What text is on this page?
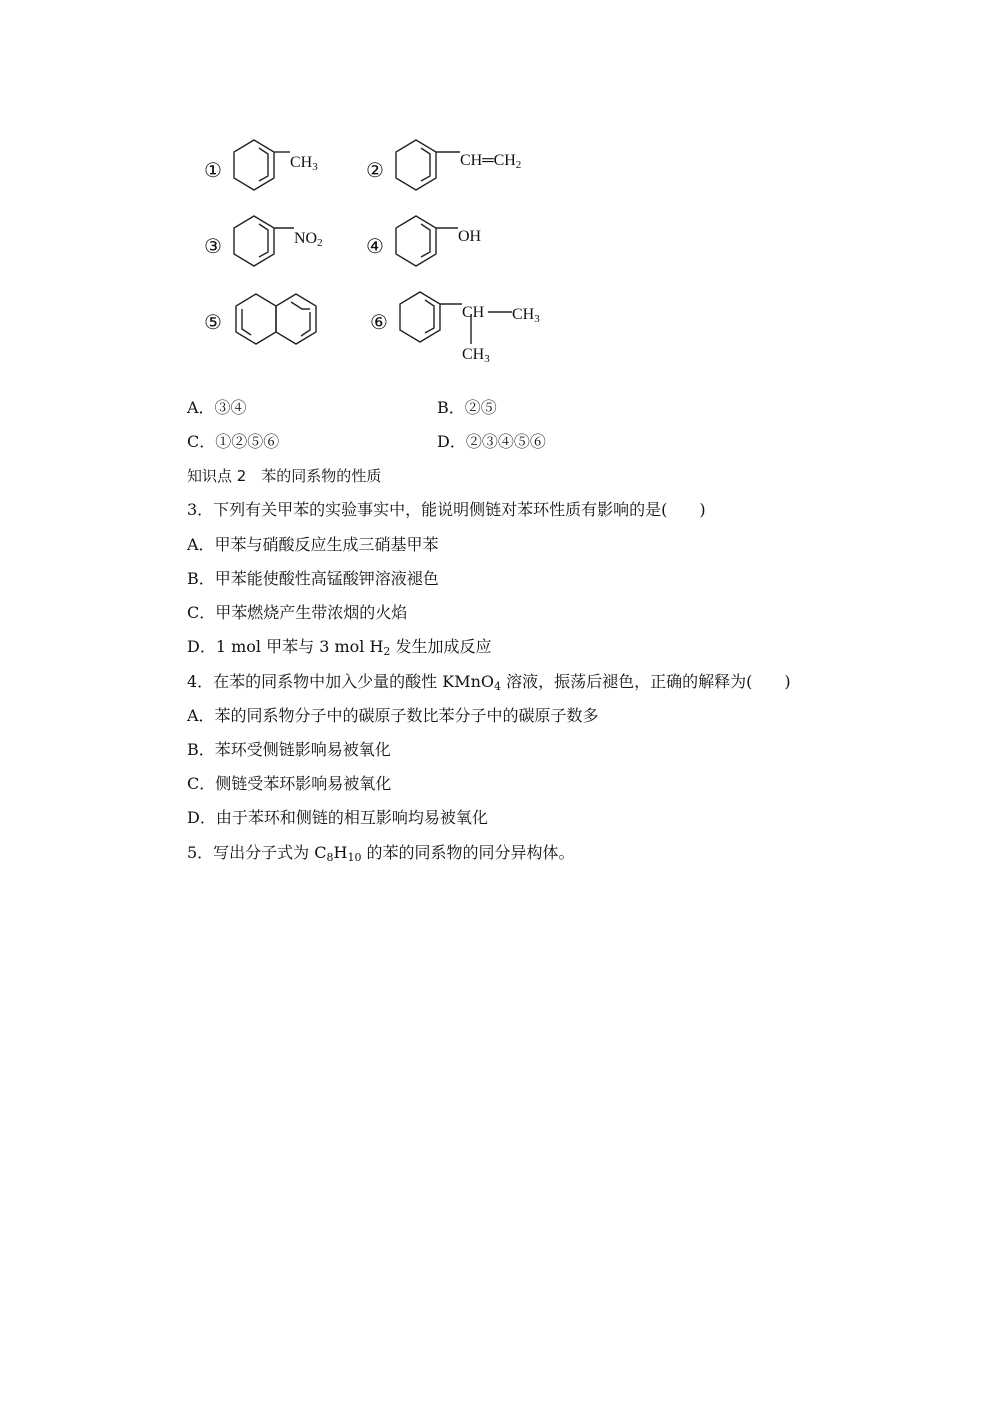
①	②
③	④
⑤	⑥
$CH_3$	$CH═CH_2$
$NO_2$	OH
CH $CH_3$
$CH_3$
A．③④	B．②⑤
C．①②⑤⑥	D．②③④⑤⑥
知识点 2　苯的同系物的性质
3．下列有关甲苯的实验事实中，能说明侧链对苯环性质有影响的是(　　)
A．甲苯与硝酸反应生成三硝基甲苯
B．甲苯能使酸性高锰酸钾溶液褪色
C．甲苯燃烧产生带浓烟的火焰
D．1 mol 甲苯与 3 mol $H_2$ 发生加成反应
4．在苯的同系物中加入少量的酸性 KMnO$_4$ 溶液，振荡后褪色，正确的解释为(　　)
A．苯的同系物分子中的碳原子数比苯分子中的碳原子数多
B．苯环受侧链影响易被氧化
C．侧链受苯环影响易被氧化
D．由于苯环和侧链的相互影响均易被氧化
5．写出分子式为 $C_8H_{10}$ 的苯的同系物的同分异构体。
